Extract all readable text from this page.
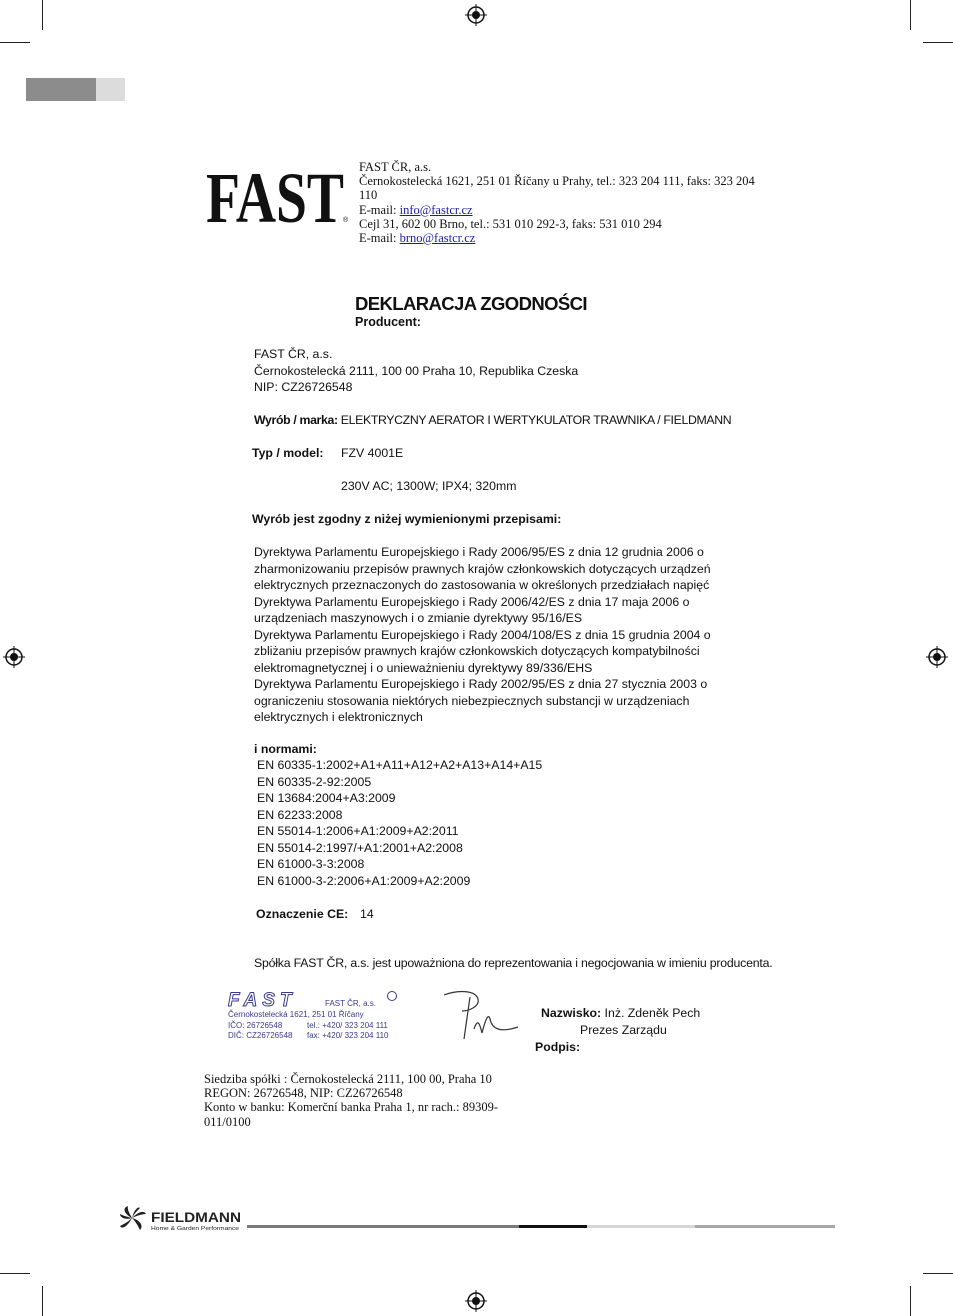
FAST ®
FAST ČR, a.s.
Černokostelecká 1621, 251 01 Říčany u Prahy, tel.: 323 204 111, faks: 323 204
110
E-mail: info@fastcr.cz
Cejl 31, 602 00 Brno, tel.: 531 010 292-3, faks: 531 010 294
E-mail: brno@fastcr.cz
DEKLARACJA ZGODNOŚCI
Producent:
FAST ČR, a.s.
Černokostelecká 2111, 100 00 Praha 10, Republika Czeska
NIP: CZ26726548
Wyrób / marka: ELEKTRYCZNY AERATOR I WERTYKULATOR TRAWNIKA / FIELDMANN
Typ / model: FZV 4001E
230V AC; 1300W; IPX4; 320mm
Wyrób jest zgodny z niżej wymienionymi przepisami:
Dyrektywa Parlamentu Europejskiego i Rady 2006/95/ES z dnia 12 grudnia 2006 o
zharmonizowaniu przepisów prawnych krajów członkowskich dotyczących urządzeń
elektrycznych przeznaczonych do zastosowania w określonych przedziałach napięć
Dyrektywa Parlamentu Europejskiego i Rady 2006/42/ES z dnia 17 maja 2006 o
urządzeniach maszynowych i o zmianie dyrektywy 95/16/ES
Dyrektywa Parlamentu Europejskiego i Rady 2004/108/ES z dnia 15 grudnia 2004 o
zbliżaniu przepisów prawnych krajów członkowskich dotyczących kompatybilności
elektromagnetycznej i o unieważnieniu dyrektywy 89/336/EHS
Dyrektywa Parlamentu Europejskiego i Rady 2002/95/ES z dnia 27 stycznia 2003 o
ograniczeniu stosowania niektórych niebezpiecznych substancji w urządzeniach
elektrycznych i elektronicznych
i normami:
EN 60335-1:2002+A1+A11+A12+A2+A13+A14+A15
EN 60335-2-92:2005
EN 13684:2004+A3:2009
EN 62233:2008
EN 55014-1:2006+A1:2009+A2:2011
EN 55014-2:1997/+A1:2001+A2:2008
EN 61000-3-3:2008
EN 61000-3-2:2006+A1:2009+A2:2009
Oznaczenie CE: 14
Spółka FAST ČR, a.s. jest upoważniona do reprezentowania i negocjowania w imieniu producenta.
FAST	FAST ČR, a.s.
Černokostelecká 1621, 251 01 Říčany
IČO: 26726548
DIČ: CZ26726548
tel.: +420/ 323 204 111
fax: +420/ 323 204 110
Nazwisko: Inż. Zdeněk Pech
Prezes Zarządu
Podpis:
Siedziba spółki : Černokostelecká 2111, 100 00, Praha 10
REGON: 26726548, NIP: CZ26726548
Konto w banku: Komerční banka Praha 1, nr rach.: 89309-
011/0100
FIELDMANN
Home & Garden Performance
